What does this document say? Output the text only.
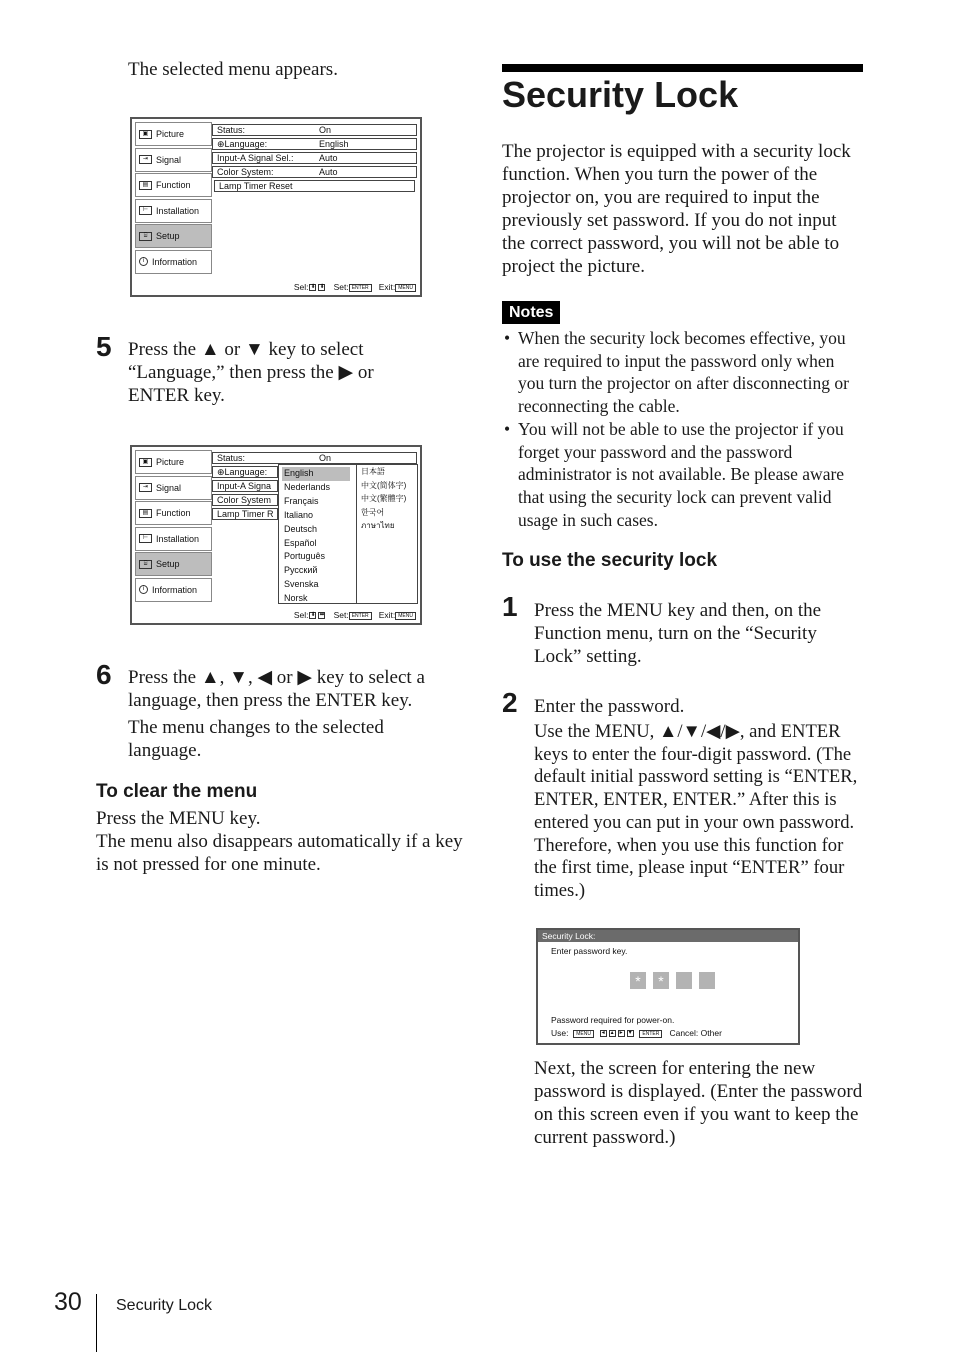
The selected menu appears.
▣ Picture
⇥ Signal
▤ Function
⊢ Installation
⌸ Setup
i Information
Status:	On
⊕Language:	English
Input-A Signal Sel.:	Auto
Color System:	Auto
Lamp Timer Reset
Sel: ⬍ ⬍ Set: ENTER Exit: MENU
5 Press the ▲ or ▼ key to select “Language,” then press the ▶ or ENTER key.
▣ Picture
⇥ Signal
▤ Function
⊢ Installation
⌸ Setup
i Information
Status:	On
⊕Language:
Input-A Signa
Color System
Lamp Timer R
English
Nederlands
Français
Italiano
Deutsch
Español
Português
Русский
Svenska
Norsk
日本語
中文(简体字)
中文(繁體字)
한국어
ภาษาไทย
Sel: ⬍ ⬌ Set: ENTER Exit: MENU
6 Press the ▲, ▼, ◀ or ▶ key to select a language, then press the ENTER key.
The menu changes to the selected language.
To clear the menu
Press the MENU key.
The menu also disappears automatically if a key is not pressed for one minute.
Security Lock
The projector is equipped with a security lock function. When you turn the power of the projector on, you are required to input the previously set password. If you do not input the correct password, you will not be able to project the picture.
Notes
• When the security lock becomes effective, you are required to input the password only when you turn the projector on after disconnecting or reconnecting the cable.
• You will not be able to use the projector if you forget your password and the password administrator is not available. Be please aware that using the security lock can prevent valid usage in such cases.
To use the security lock
1 Press the MENU key and then, on the Function menu, turn on the “Security Lock” setting.
2 Enter the password.
Use the MENU, ▲/▼/◀/▶, and ENTER keys to enter the four-digit password. (The default initial password setting is “ENTER, ENTER, ENTER, ENTER.” After this is entered you can put in your own password. Therefore, when you use this function for the first time, please input “ENTER” four times.)
Security Lock:
Enter password key.
*	*
Password required for power-on.
Use: MENU ◂ ▴ ▸ ▾ ENTER Cancel: Other
Next, the screen for entering the new password is displayed. (Enter the password on this screen even if you want to keep the current password.)
30 Security Lock
